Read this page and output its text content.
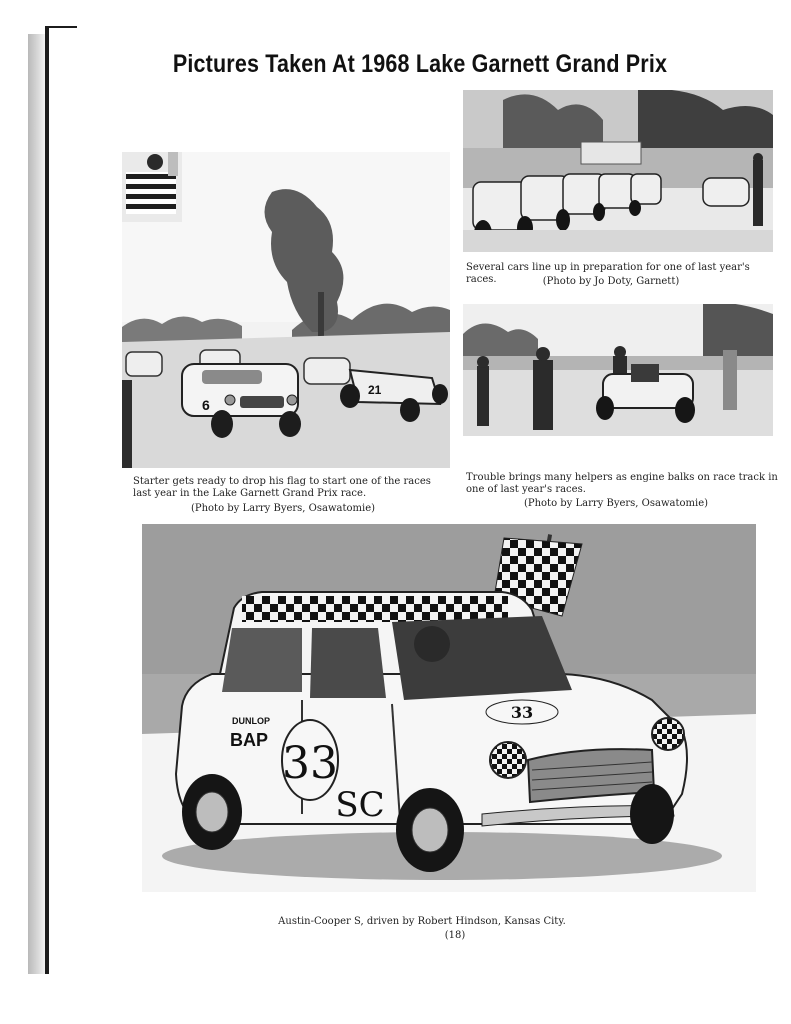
Pictures Taken At 1968 Lake Garnett Grand Prix
6
21
Several cars line up in preparation for one of last year's races.	(Photo by Jo Doty, Garnett)
Starter gets ready to drop his flag to start one of the races last year in the Lake Garnett Grand Prix race.
(Photo by Larry Byers, Osawatomie)
Trouble brings many helpers as engine balks on race track in one of last year's races.
(Photo by Larry Byers, Osawatomie)
33
SC
DUNLOP
BAP
33
Austin-Cooper S, driven by Robert Hindson, Kansas City.
(18)
